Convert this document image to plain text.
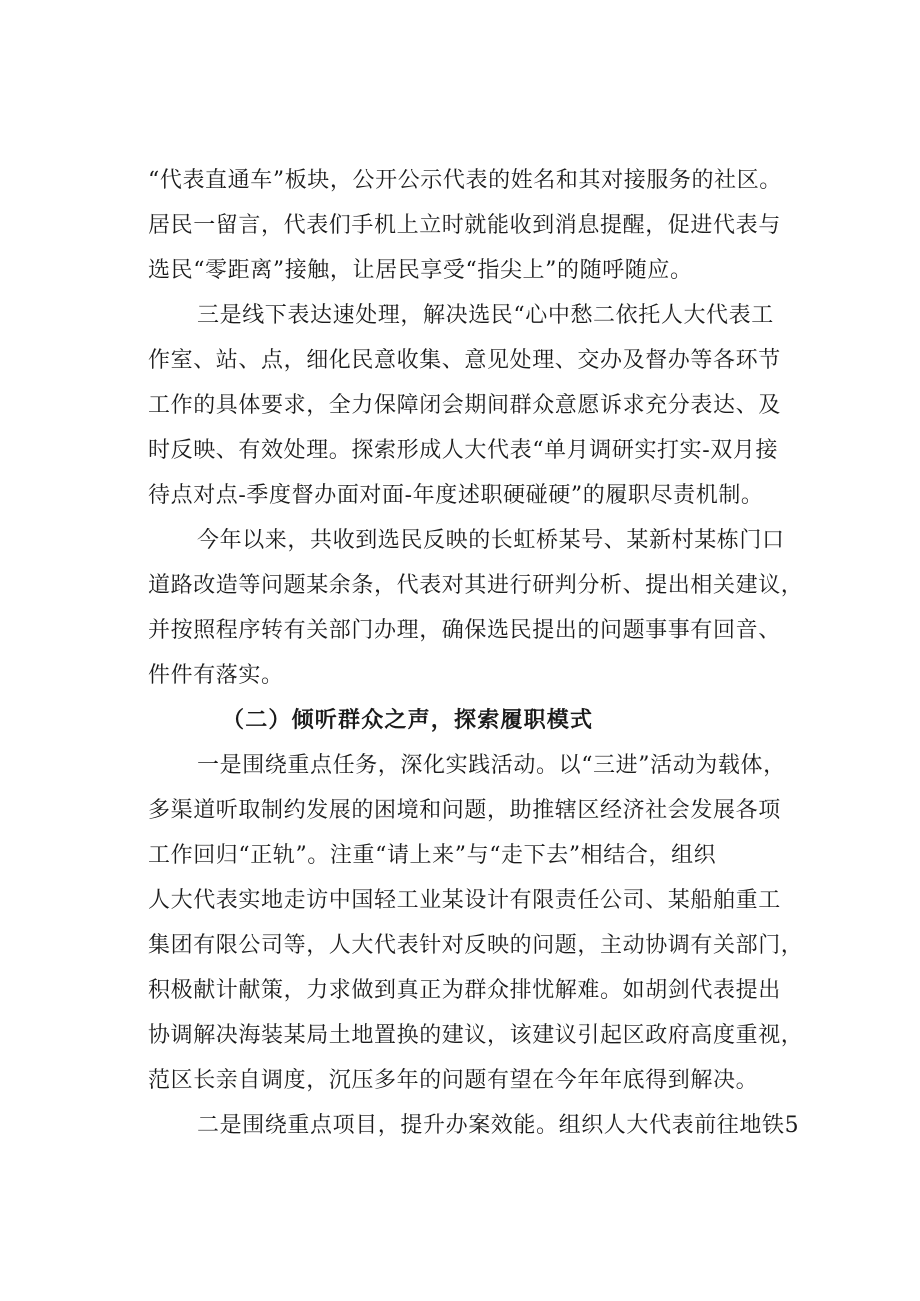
“代表直通车”板块，公开公示代表的姓名和其对接服务的社区。
居民一留言，代表们手机上立时就能收到消息提醒，促进代表与
选民“零距离”接触，让居民享受“指尖上”的随呼随应。
三是线下表达速处理，解决选民“心中愁二依托人大代表工
作室、站、点，细化民意收集、意见处理、交办及督办等各环节
工作的具体要求，全力保障闭会期间群众意愿诉求充分表达、及
时反映、有效处理。探索形成人大代表“单月调研实打实-双月接
待点对点-季度督办面对面-年度述职硬碰硬”的履职尽责机制。
今年以来，共收到选民反映的长虹桥某号、某新村某栋门口
道路改造等问题某余条，代表对其进行研判分析、提出相关建议，
并按照程序转有关部门办理，确保选民提出的问题事事有回音、
件件有落实。
（二）倾听群众之声，探索履职模式
一是围绕重点任务，深化实践活动。以“三进”活动为载体，
多渠道听取制约发展的困境和问题，助推辖区经济社会发展各项
工作回归“正轨”。注重“请上来”与“走下去”相结合，组织
人大代表实地走访中国轻工业某设计有限责任公司、某船舶重工
集团有限公司等，人大代表针对反映的问题，主动协调有关部门，
积极献计献策，力求做到真正为群众排忧解难。如胡剑代表提出
协调解决海装某局土地置换的建议，该建议引起区政府高度重视，
范区长亲自调度，沉压多年的问题有望在今年年底得到解决。
二是围绕重点项目，提升办案效能。组织人大代表前往地铁5
